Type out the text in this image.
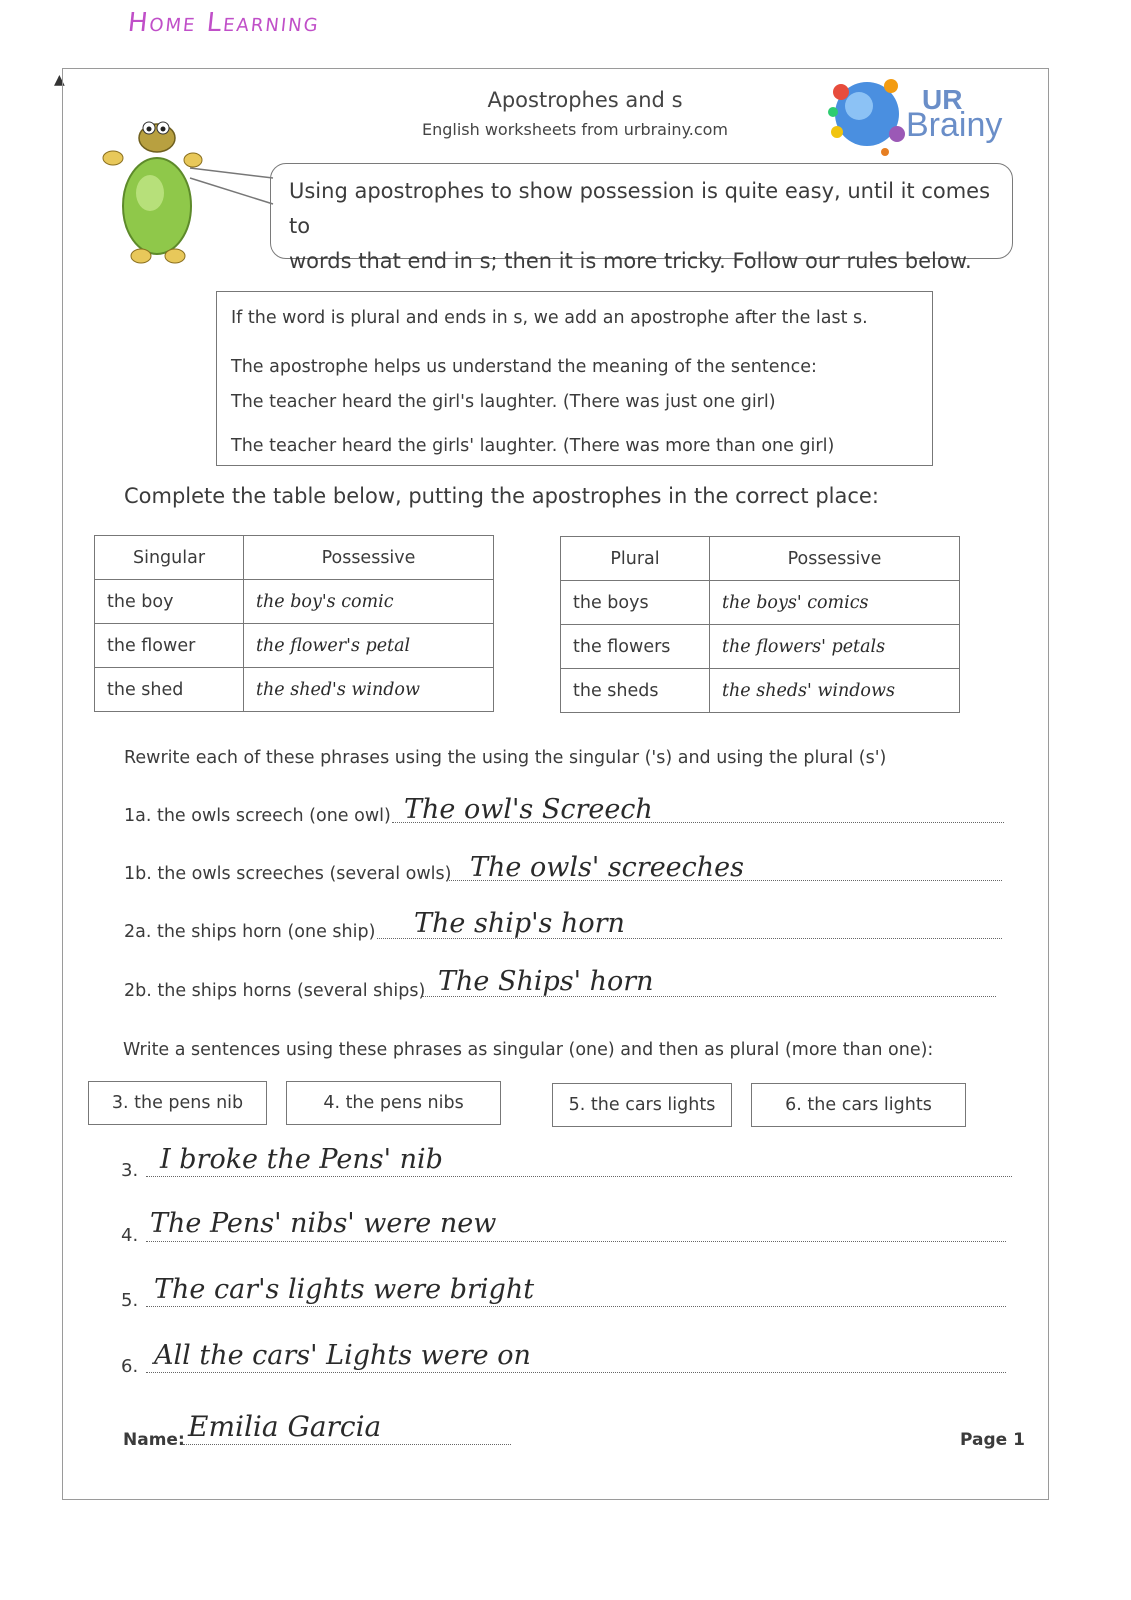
Home Learning
▲
Apostrophes and s
English worksheets from urbrainy.com
UR
Brainy
Using apostrophes to show possession is quite easy, until it comes to
words that end in s; then it is more tricky. Follow our rules below.

If the word is plural and ends in s, we add an apostrophe after the last s.

The apostrophe helps us understand the meaning of the sentence:

The teacher heard the girl's laughter. (There was just one girl)

The teacher heard the girls' laughter. (There was more than one girl)

Complete the table below, putting the apostrophes in the correct place:
Singular	Possessive
the boy	the boy's comic
the flower	the flower's petal
the shed	the shed's window
Plural	Possessive
the boys	the boys' comics
the flowers	the flowers' petals
the sheds	the sheds' windows
Rewrite each of these phrases using the using the singular ('s) and using the plural (s')
1a. the owls screech (one owl) The owl's Screech
1b. the owls screeches (several owls) The owls' screeches
2a. the ships horn (one ship) The ship's horn
2b. the ships horns (several ships) The Ships' horn
Write a sentences using these phrases as singular (one) and then as plural (more than one):
3. the pens nib	4. the pens nibs	5. the cars lights	6. the cars lights
3. I broke the Pens' nib
4. The Pens' nibs' were new
5. The car's lights were bright
6. All the cars' Lights were on
Name: Emilia Garcia	Page 1
